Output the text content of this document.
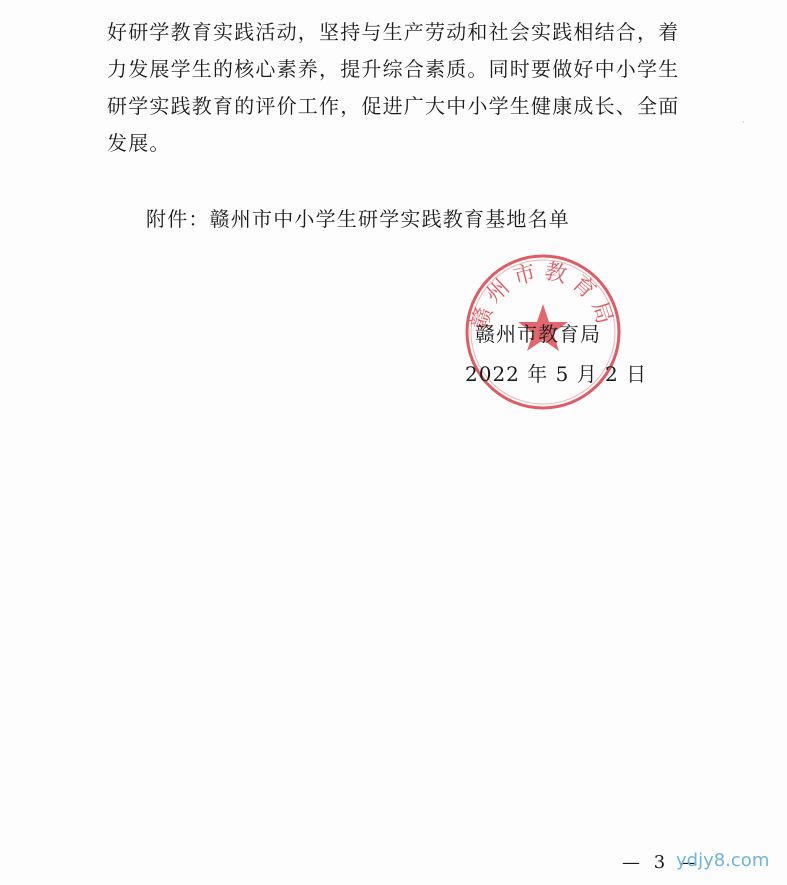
好研学教育实践活动，坚持与生产劳动和社会实践相结合，着
力发展学生的核心素养，提升综合素质。同时要做好中小学生
研学实践教育的评价工作，促进广大中小学生健康成长、全面
发展。
附件：赣州市中小学生研学实践教育基地名单
赣州市教育局
赣州市教育局
2022 年 5 月 2 日
·
— 3 —
ydjy8.com
